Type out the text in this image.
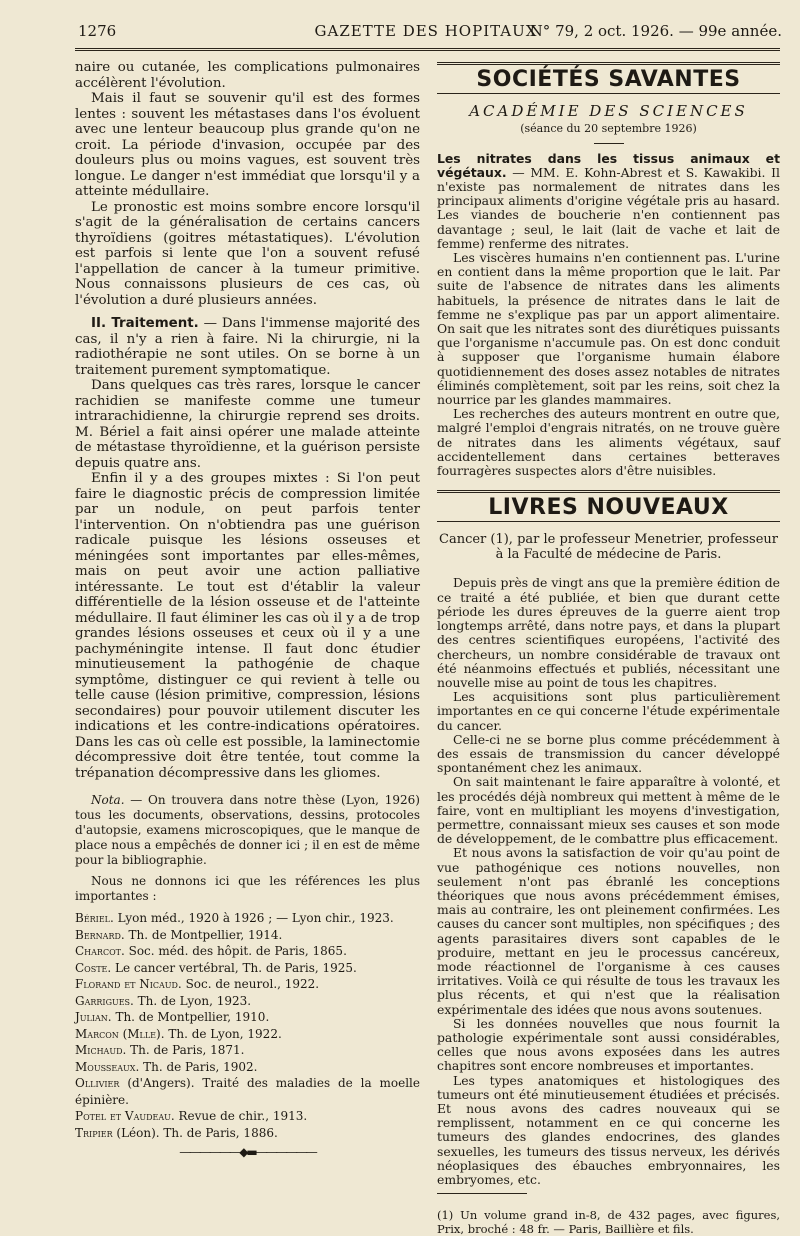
1276	GAZETTE DES HOPITAUX
N° 79, 2 oct. 1926. — 99e année.

naire ou cutanée, les complications pulmonaires accélèrent l'évolution.

Mais il faut se souvenir qu'il est des formes lentes : souvent les métastases dans l'os évoluent avec une lenteur beaucoup plus grande qu'on ne croit. La période d'invasion, occupée par des douleurs plus ou moins vagues, est souvent très longue. Le danger n'est immédiat que lorsqu'il y a atteinte médullaire.

Le pronostic est moins sombre encore lorsqu'il s'agit de la généralisation de certains cancers thyroïdiens (goitres métastatiques). L'évolution est parfois si lente que l'on a souvent refusé l'appellation de cancer à la tumeur primitive. Nous connaissons plusieurs de ces cas, où l'évolution a duré plusieurs années.

II. Traitement. — Dans l'immense majorité des cas, il n'y a rien à faire. Ni la chirurgie, ni la radiothérapie ne sont utiles. On se borne à un traitement purement symptomatique.

Dans quelques cas très rares, lorsque le cancer rachidien se manifeste comme une tumeur intrarachidienne, la chirurgie reprend ses droits. M. Bériel a fait ainsi opérer une malade atteinte de métastase thyroïdienne, et la guérison persiste depuis quatre ans.

Enfin il y a des groupes mixtes : Si l'on peut faire le diagnostic précis de compression limitée par un nodule, on peut parfois tenter l'intervention. On n'obtiendra pas une guérison radicale puisque les lésions osseuses et méningées sont importantes par elles-mêmes, mais on peut avoir une action palliative intéressante. Le tout est d'établir la valeur différentielle de la lésion osseuse et de l'atteinte médullaire. Il faut éliminer les cas où il y a de trop grandes lésions osseuses et ceux où il y a une pachyméningite intense. Il faut donc étudier minutieusement la pathogénie de chaque symptôme, distinguer ce qui revient à telle ou telle cause (lésion primitive, compression, lésions secondaires) pour pouvoir utilement discuter les indications et les contre-indications opératoires. Dans les cas où celle est possible, la laminectomie décompressive doit être tentée, tout comme la trépanation décompressive dans les gliomes.

Nota. — On trouvera dans notre thèse (Lyon, 1926) tous les documents, observations, dessins, protocoles d'autopsie, examens microscopiques, que le manque de place nous a empêchés de donner ici ; il en est de même pour la bibliographie.

Nous ne donnons ici que les références les plus importantes :

Bériel. Lyon méd., 1920 à 1926 ; — Lyon chir., 1923.
Bernard. Th. de Montpellier, 1914.
Charcot. Soc. méd. des hôpit. de Paris, 1865.
Coste. Le cancer vertébral, Th. de Paris, 1925.
Florand et Nicaud. Soc. de neurol., 1922.
Garrigues. Th. de Lyon, 1923.
Julian. Th. de Montpellier, 1910.
Marcon (Mlle). Th. de Lyon, 1922.
Michaud. Th. de Paris, 1871.
Mousseaux. Th. de Paris, 1902.
Ollivier (d'Angers). Traité des maladies de la moelle épinière.
Potel et Vaudeau. Revue de chir., 1913.
Tripier (Léon). Th. de Paris, 1886.
——————◆▬——————
SOCIÉTÉS SAVANTES
ACADÉMIE DES SCIENCES
(séance du 20 septembre 1926)

Les nitrates dans les tissus animaux et végétaux. — MM. E. Kohn-Abrest et S. Kawakibi. Il n'existe pas normalement de nitrates dans les principaux aliments d'origine végétale pris au hasard. Les viandes de boucherie n'en contiennent pas davantage ; seul, le lait (lait de vache et lait de femme) renferme des nitrates.

Les viscères humains n'en contiennent pas. L'urine en contient dans la même proportion que le lait. Par suite de l'absence de nitrates dans les aliments habituels, la présence de nitrates dans le lait de femme ne s'explique pas par un apport alimentaire. On sait que les nitrates sont des diurétiques puissants que l'organisme n'accumule pas. On est donc conduit à supposer que l'organisme humain élabore quotidiennement des doses assez notables de nitrates éliminés complètement, soit par les reins, soit chez la nourrice par les glandes mammaires.

Les recherches des auteurs montrent en outre que, malgré l'emploi d'engrais nitratés, on ne trouve guère de nitrates dans les aliments végétaux, sauf accidentellement dans certaines betteraves fourragères suspectes alors d'être nuisibles.

LIVRES NOUVEAUX
Cancer (1), par le professeur Menetrier, professeur à la Faculté de médecine de Paris.

Depuis près de vingt ans que la première édition de ce traité a été publiée, et bien que durant cette période les dures épreuves de la guerre aient trop longtemps arrêté, dans notre pays, et dans la plupart des centres scientifiques européens, l'activité des chercheurs, un nombre considérable de travaux ont été néanmoins effectués et publiés, nécessitant une nouvelle mise au point de tous les chapitres.

Les acquisitions sont plus particulièrement importantes en ce qui concerne l'étude expérimentale du cancer.

Celle-ci ne se borne plus comme précédemment à des essais de transmission du cancer développé spontanément chez les animaux.

On sait maintenant le faire apparaître à volonté, et les procédés déjà nombreux qui mettent à même de le faire, vont en multipliant les moyens d'investigation, permettre, connaissant mieux ses causes et son mode de développement, de le combattre plus efficacement.

Et nous avons la satisfaction de voir qu'au point de vue pathogénique ces notions nouvelles, non seulement n'ont pas ébranlé les conceptions théoriques que nous avons précédemment émises, mais au contraire, les ont pleinement confirmées. Les causes du cancer sont multiples, non spécifiques ; des agents parasitaires divers sont capables de le produire, mettant en jeu le processus cancéreux, mode réactionnel de l'organisme à ces causes irritatives. Voilà ce qui résulte de tous les travaux les plus récents, et qui n'est que la réalisation expérimentale des idées que nous avons soutenues.

Si les données nouvelles que nous fournit la pathologie expérimentale sont aussi considérables, celles que nous avons exposées dans les autres chapitres sont encore nombreuses et importantes.

Les types anatomiques et histologiques des tumeurs ont été minutieusement étudiées et précisés. Et nous avons des cadres nouveaux qui se remplissent, notamment en ce qui concerne les tumeurs des glandes endocrines, des glandes sexuelles, les tumeurs des tissus nerveux, les dérivés néoplasiques des ébauches embryonnaires, les embryomes, etc.

(1) Un volume grand in-8, de 432 pages, avec figures, Prix, broché : 48 fr. — Paris, Baillière et fils.
